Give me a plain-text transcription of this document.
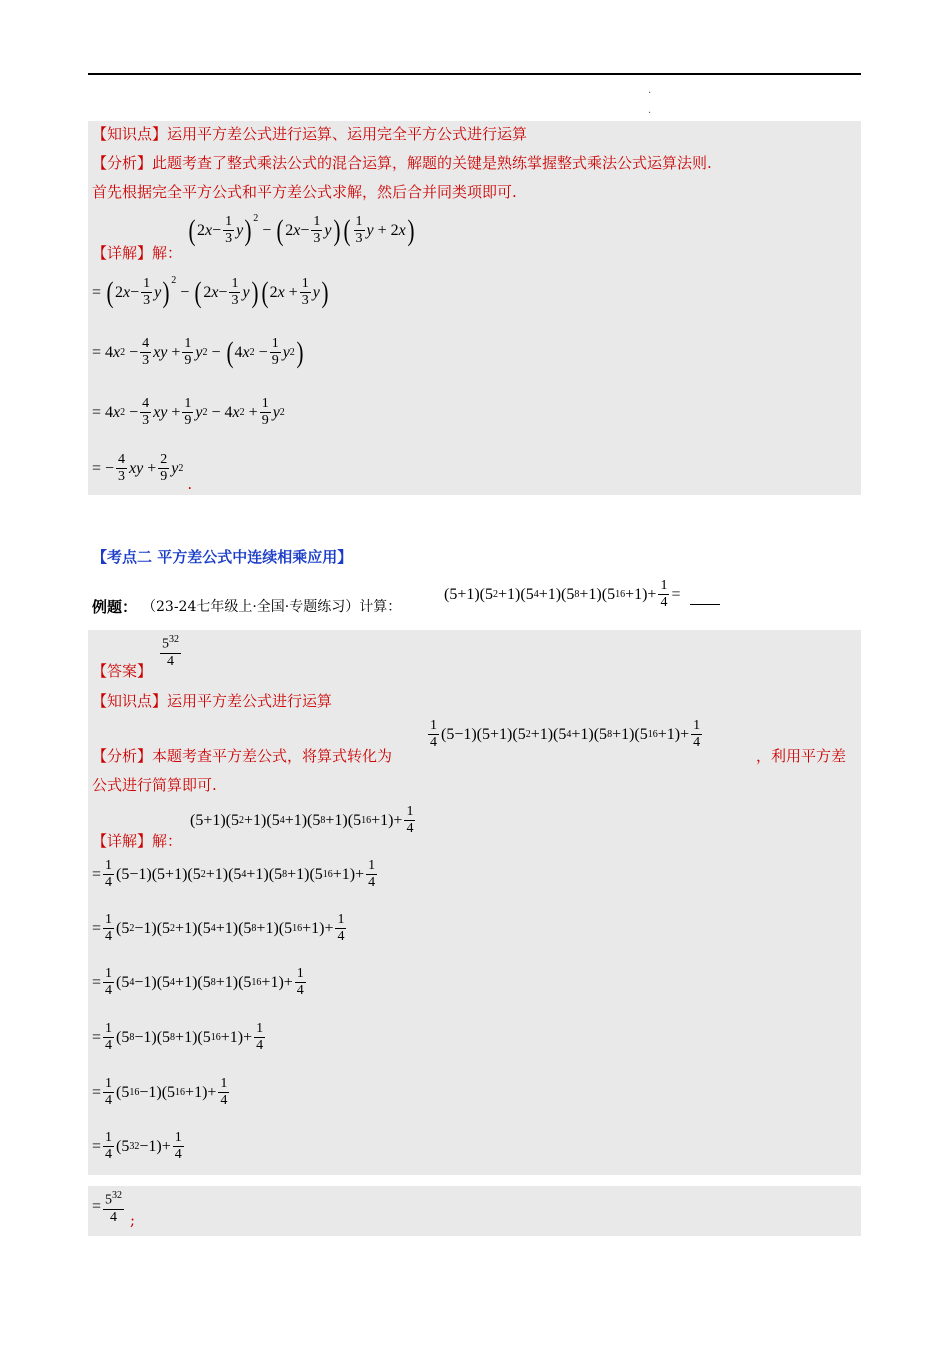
·
·
【知识点】运用平方差公式进行运算、运用完全平方公式进行运算
【分析】此题考查了整式乘法公式的混合运算，解题的关键是熟练掌握整式乘法公式运算法则.
首先根据完全平方公式和平方差公式求解，然后合并同类项即可.
【详解】解：
( 2 $x - \frac{1}{3}$ y )$^2$
− ( 2 $x - \frac{1}{3}$ y ) ( $\frac{1}{3}$ y + 2 x )
= ( 2 $x - \frac{1}{3}$ y )$^2$
− ( 2 $x - \frac{1}{3}$ y ) ( 2 $x + \frac{1}{3}$ y )
= 4 x $2 - \frac{4}{3}$ xy + $\frac{1}{9}$ y 2 − ( 4 x $2 - \frac{1}{9}$ y 2 )
= 4 x $2 - \frac{4}{3}$ xy + $\frac{1}{9}$ y 2 − 4 x $2 + \frac{1}{9}$ y 2
= − $\frac{4}{3}$ xy + $\frac{2}{9}$ y 2
.
【考点二 平方差公式中连续相乘应用】
例题： （23-24七年级上·全国·专题练习）计算：
(5+1)(5 2 +1)(5 4 +1)(5 8 +1)(5 $16 +1)+ \frac{1}{4}$ =
【答案】
$\frac{5^{32}}{4}$
【知识点】运用平方差公式进行运算
【分析】本题考查平方差公式，将算式转化为
$\frac{1}{4} (5-1)(5+1)(5$ 2 +1)(5 4 +1)(5 8 +1)(5 $16 +1)+ \frac{1}{4}$
，利用平方差
公式进行简算即可.
【详解】解：
(5+1)(5 2 +1)(5 4 +1)(5 8 +1)(5 $16 +1)+ \frac{1}{4}$
= $\frac{1}{4} (5-1)(5+1)(5$ 2 +1)(5 4 +1)(5 8 +1)(5 $16 +1)+ \frac{1}{4}$
= $\frac{1}{4} (5$ 2 −1)(5 2 +1)(5 4 +1)(5 8 +1)(5 $16 +1)+ \frac{1}{4}$
= $\frac{1}{4} (5$ 4 −1)(5 4 +1)(5 8 +1)(5 $16 +1)+ \frac{1}{4}$
= $\frac{1}{4} (5$ 8 −1)(5 8 +1)(5 $16 +1)+ \frac{1}{4}$
= $\frac{1}{4} (5$ 16 −1)(5 $16 +1)+ \frac{1}{4}$
= $\frac{1}{4} (5$ $32 -1)+ \frac{1}{4}$
= $\frac{5^{32}}{4}$ ;
